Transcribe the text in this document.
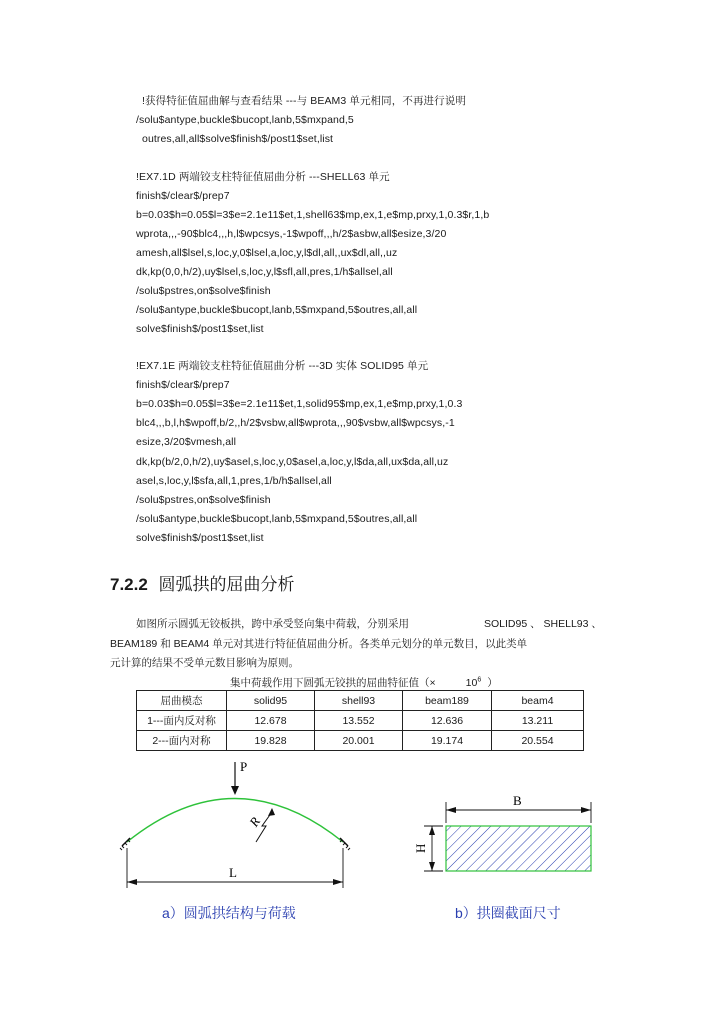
!获得特征值屈曲解与查看结果 ---与 BEAM3 单元相同，不再进行说明
/solu$antype,buckle$bucopt,lanb,5$mxpand,5
outres,all,all$solve$finish$/post1$set,list
!EX7.1D 两端铰支柱特征值屈曲分析 ---SHELL63 单元
finish$/clear$/prep7
b=0.03$h=0.05$l=3$e=2.1e11$et,1,shell63$mp,ex,1,e$mp,prxy,1,0.3$r,1,b
wprota,,,-90$blc4,,,h,l$wpcsys,-1$wpoff,,,h/2$asbw,all$esize,3/20
amesh,all$lsel,s,loc,y,0$lsel,a,loc,y,l$dl,all,,ux$dl,all,,uz
dk,kp(0,0,h/2),uy$lsel,s,loc,y,l$sfl,all,pres,1/h$allsel,all
/solu$pstres,on$solve$finish
/solu$antype,buckle$bucopt,lanb,5$mxpand,5$outres,all,all
solve$finish$/post1$set,list
!EX7.1E 两端铰支柱特征值屈曲分析 ---3D 实体 SOLID95 单元
finish$/clear$/prep7
b=0.03$h=0.05$l=3$e=2.1e11$et,1,solid95$mp,ex,1,e$mp,prxy,1,0.3
blc4,,,b,l,h$wpoff,b/2,,h/2$vsbw,all$wprota,,,90$vsbw,all$wpcsys,-1
esize,3/20$vmesh,all
dk,kp(b/2,0,h/2),uy$asel,s,loc,y,0$asel,a,loc,y,l$da,all,ux$da,all,uz
asel,s,loc,y,l$sfa,all,1,pres,1/b/h$allsel,all
/solu$pstres,on$solve$finish
/solu$antype,buckle$bucopt,lanb,5$mxpand,5$outres,all,all
solve$finish$/post1$set,list
7.2.2 圆弧拱的屈曲分析
如图所示圆弧无铰板拱，跨中承受竖向集中荷载，分别采用	SOLID95 、 SHELL93 、
BEAM189 和 BEAM4 单元对其进行特征值屈曲分析。各类单元划分的单元数目，以此类单
元计算的结果不受单元数目影响为原则。
集中荷载作用下圆弧无铰拱的屈曲特征值（×	$10^6$ ）
屈曲模态	solid95	shell93	beam189	beam4
1---面内反对称	12.678	13.552	12.636	13.211
2---面内对称	19.828	20.001	19.174	20.554
P
R
L
B
H
a）圆弧拱结构与荷载	b）拱圈截面尺寸
